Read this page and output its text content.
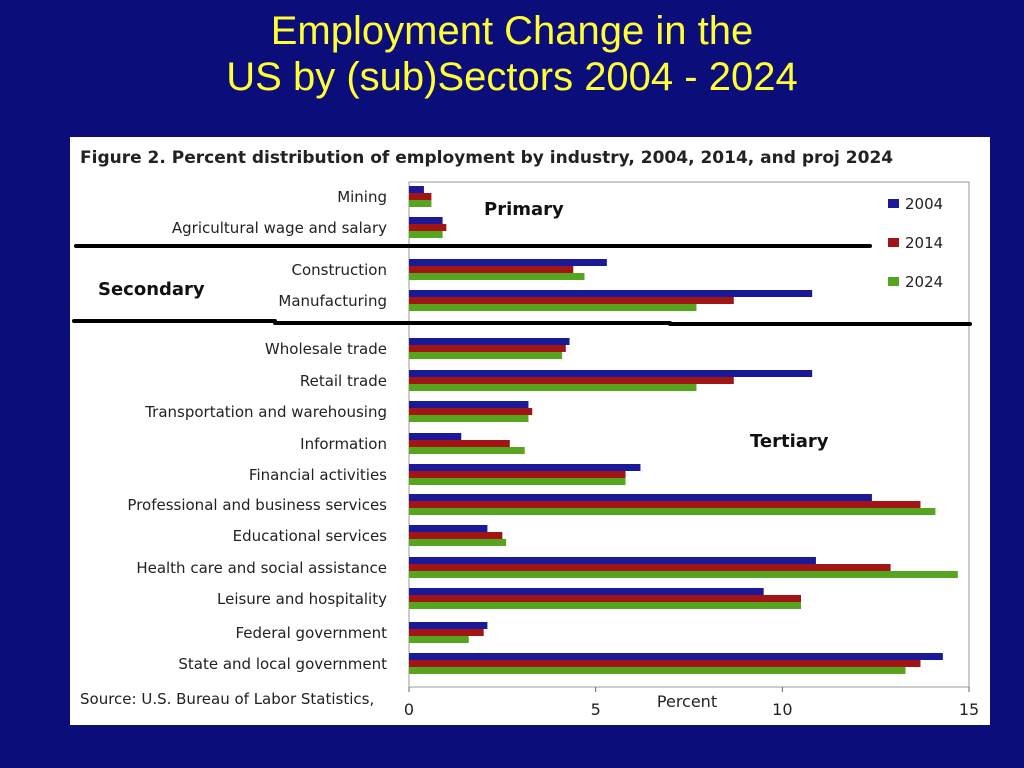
Employment Change in the
US by (sub)Sectors 2004 - 2024
Figure 2. Percent distribution of employment by industry, 2004, 2014, and proj 2024
Primary
Secondary
Tertiary
Source: U.S. Bureau of Labor Statistics,
Mining
Agricultural wage and salary
Construction
Manufacturing
Wholesale trade
Retail trade
Transportation and warehousing
Information
Financial activities
Professional and business services
Educational services
Health care and social assistance
Leisure and hospitality
Federal government
State and local government
0	5	10	15
Percent
2004
2014
2024
